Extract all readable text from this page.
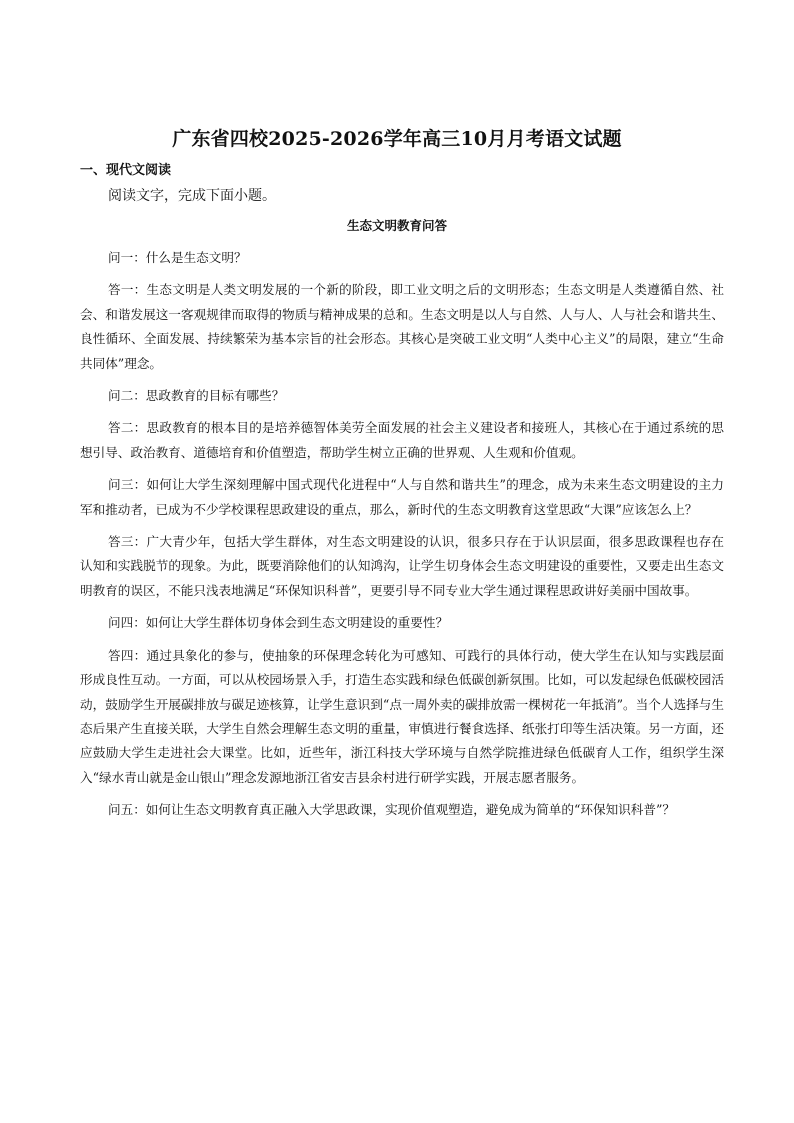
广东省四校2025-2026学年高三10月月考语文试题
一、现代文阅读
阅读文字，完成下面小题。
生态文明教育问答

问一：什么是生态文明？

答一：生态文明是人类文明发展的一个新的阶段，即工业文明之后的文明形态；生态文明是人类遵循自然、社会、和谐发展这一客观规律而取得的物质与精神成果的总和。生态文明是以人与自然、人与人、人与社会和谐共生、良性循环、全面发展、持续繁荣为基本宗旨的社会形态。其核心是突破工业文明“人类中心主义”的局限，建立“生命共同体”理念。

问二：思政教育的目标有哪些？

答二：思政教育的根本目的是培养德智体美劳全面发展的社会主义建设者和接班人，其核心在于通过系统的思想引导、政治教育、道德培育和价值塑造，帮助学生树立正确的世界观、人生观和价值观。

问三：如何让大学生深刻理解中国式现代化进程中“人与自然和谐共生”的理念，成为未来生态文明建设的主力军和推动者，已成为不少学校课程思政建设的重点，那么，新时代的生态文明教育这堂思政“大课”应该怎么上？

答三：广大青少年，包括大学生群体，对生态文明建设的认识，很多只存在于认识层面，很多思政课程也存在认知和实践脱节的现象。为此，既要消除他们的认知鸿沟，让学生切身体会生态文明建设的重要性，又要走出生态文明教育的误区，不能只浅表地满足“环保知识科普”，更要引导不同专业大学生通过课程思政讲好美丽中国故事。

问四：如何让大学生群体切身体会到生态文明建设的重要性？

答四：通过具象化的参与，使抽象的环保理念转化为可感知、可践行的具体行动，使大学生在认知与实践层面形成良性互动。一方面，可以从校园场景入手，打造生态实践和绿色低碳创新氛围。比如，可以发起绿色低碳校园活动，鼓励学生开展碳排放与碳足迹核算，让学生意识到“点一周外卖的碳排放需一棵树花一年抵消”。当个人选择与生态后果产生直接关联，大学生自然会理解生态文明的重量，审慎进行餐食选择、纸张打印等生活决策。另一方面，还应鼓励大学生走进社会大课堂。比如，近些年，浙江科技大学环境与自然学院推进绿色低碳育人工作，组织学生深入“绿水青山就是金山银山”理念发源地浙江省安吉县余村进行研学实践，开展志愿者服务。

问五：如何让生态文明教育真正融入大学思政课，实现价值观塑造，避免成为简单的“环保知识科普”？
